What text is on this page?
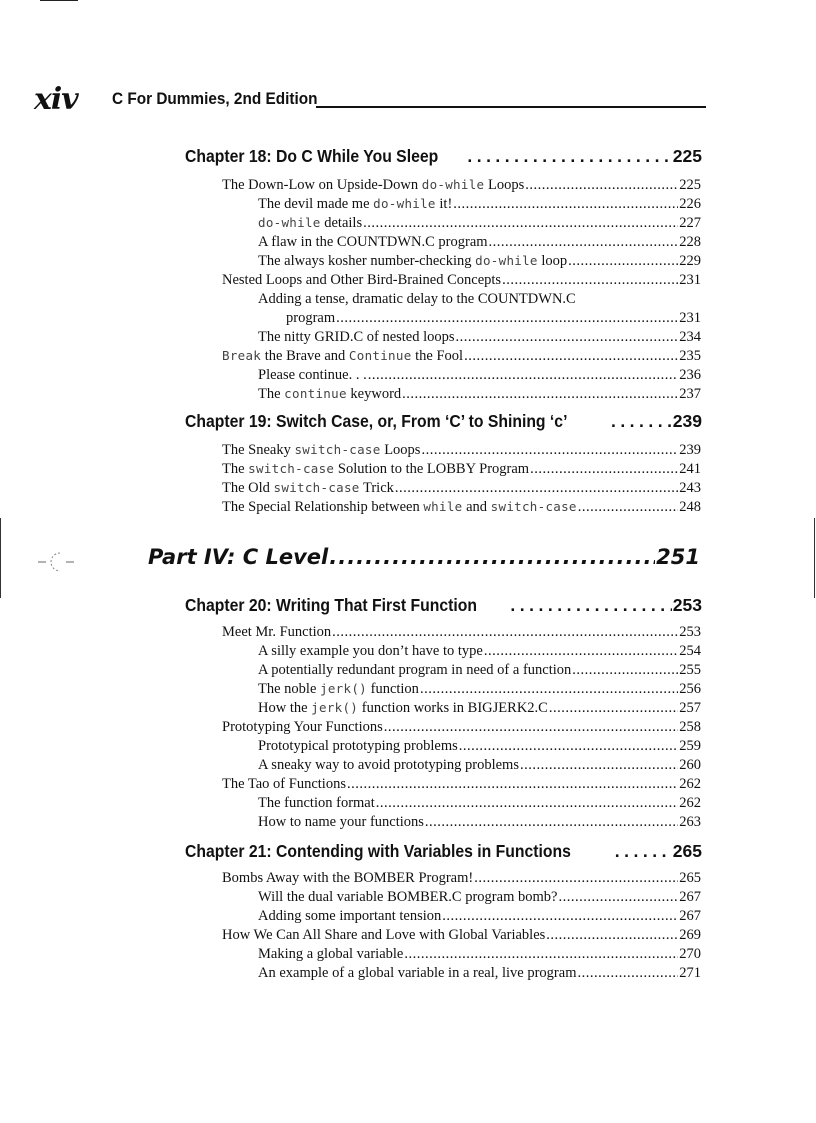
xiv C For Dummies, 2nd Edition
Chapter 18: Do C While You Sleep .....	225
The Down-Low on Upside-Down do-while Loops .....	225
The devil made me do-while it! .....	226
do-while details .....	227
A flaw in the COUNTDWN.C program .....	228
The always kosher number-checking do-while loop .....	229
Nested Loops and Other Bird-Brained Concepts .....	231
Adding a tense, dramatic delay to the COUNTDWN.C
program .....	231
The nitty GRID.C of nested loops .....	234
Break the Brave and Continue the Fool .....	235
Please continue. . . .....	236
The continue keyword .....	237
Chapter 19: Switch Case, or, From ‘C’ to Shining ‘c’ .....	239
The Sneaky switch-case Loops .....	239
The switch-case Solution to the LOBBY Program .....	241
The Old switch-case Trick .....	243
The Special Relationship between while and switch-case .....	248
Part IV: C Level .....	251
Chapter 20: Writing That First Function .....	253
Meet Mr. Function .....	253
A silly example you don’t have to type .....	254
A potentially redundant program in need of a function .....	255
The noble jerk() function .....	256
How the jerk() function works in BIGJERK2.C .....	257
Prototyping Your Functions .....	258
Prototypical prototyping problems .....	259
A sneaky way to avoid prototyping problems .....	260
The Tao of Functions .....	262
The function format .....	262
How to name your functions .....	263
Chapter 21: Contending with Variables in Functions .....	265
Bombs Away with the BOMBER Program! .....	265
Will the dual variable BOMBER.C program bomb? .....	267
Adding some important tension .....	267
How We Can All Share and Love with Global Variables .....	269
Making a global variable .....	270
An example of a global variable in a real, live program .....	271
